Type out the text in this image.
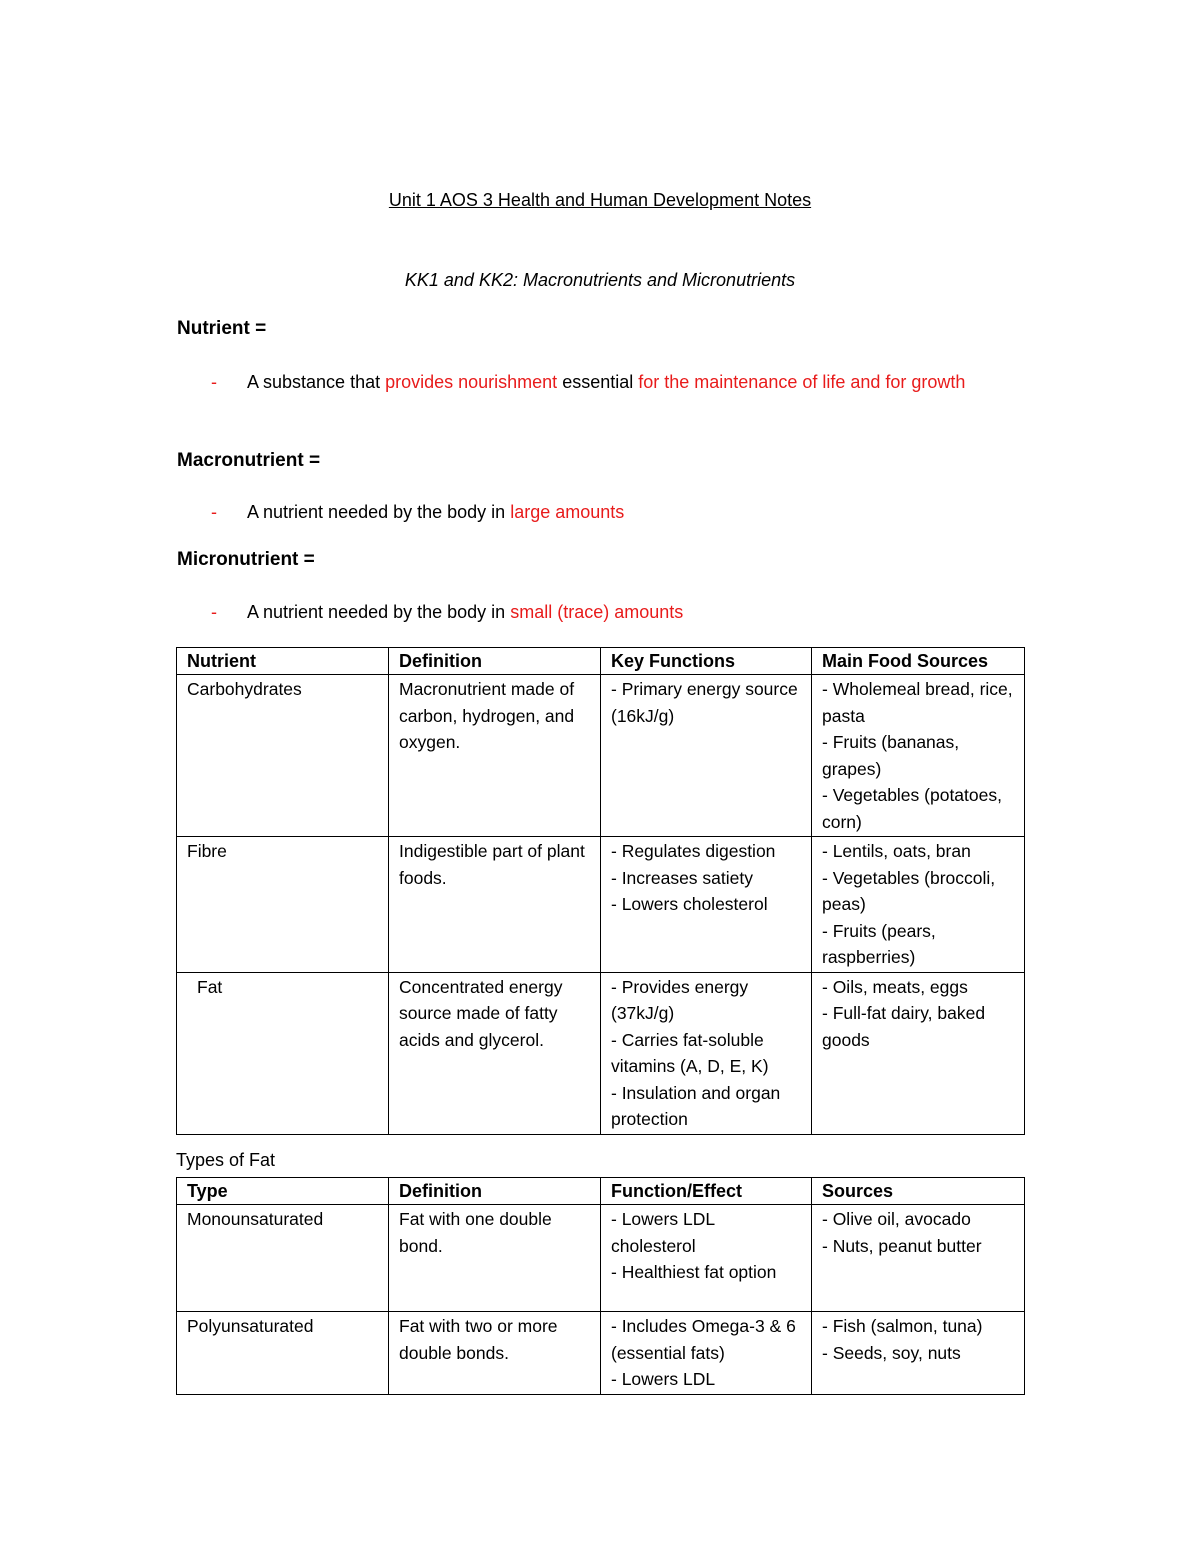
Unit 1 AOS 3 Health and Human Development Notes
KK1 and KK2: Macronutrients and Micronutrients
Nutrient =
- A substance that provides nourishment essential for the maintenance of life and for growth
Macronutrient =
- A nutrient needed by the body in large amounts
Micronutrient =
- A nutrient needed by the body in small (trace) amounts
Nutrient	Definition	Key Functions	Main Food Sources
Carbohydrates	Macronutrient made of carbon, hydrogen, and oxygen.	- Primary energy source (16kJ/g)	- Wholemeal bread, rice, pasta
- Fruits (bananas, grapes)
- Vegetables (potatoes, corn)

Fibre	Indigestible part of plant foods.	- Regulates digestion
- Increases satiety
- Lowers cholesterol	- Lentils, oats, bran
- Vegetables (broccoli, peas)
- Fruits (pears, raspberries)

Fat	Concentrated energy source made of fatty acids and glycerol.	- Provides energy (37kJ/g)
- Carries fat-soluble vitamins (A, D, E, K)
- Insulation and organ protection	- Oils, meats, eggs
- Full-fat dairy, baked goods
Types of Fat
Type	Definition	Function/Effect	Sources
Monounsaturated	Fat with one double bond.	- Lowers LDL cholesterol
- Healthiest fat option	- Olive oil, avocado
- Nuts, peanut butter

Polyunsaturated	Fat with two or more double bonds.	- Includes Omega-3 & 6 (essential fats)
- Lowers LDL	- Fish (salmon, tuna)
- Seeds, soy, nuts
